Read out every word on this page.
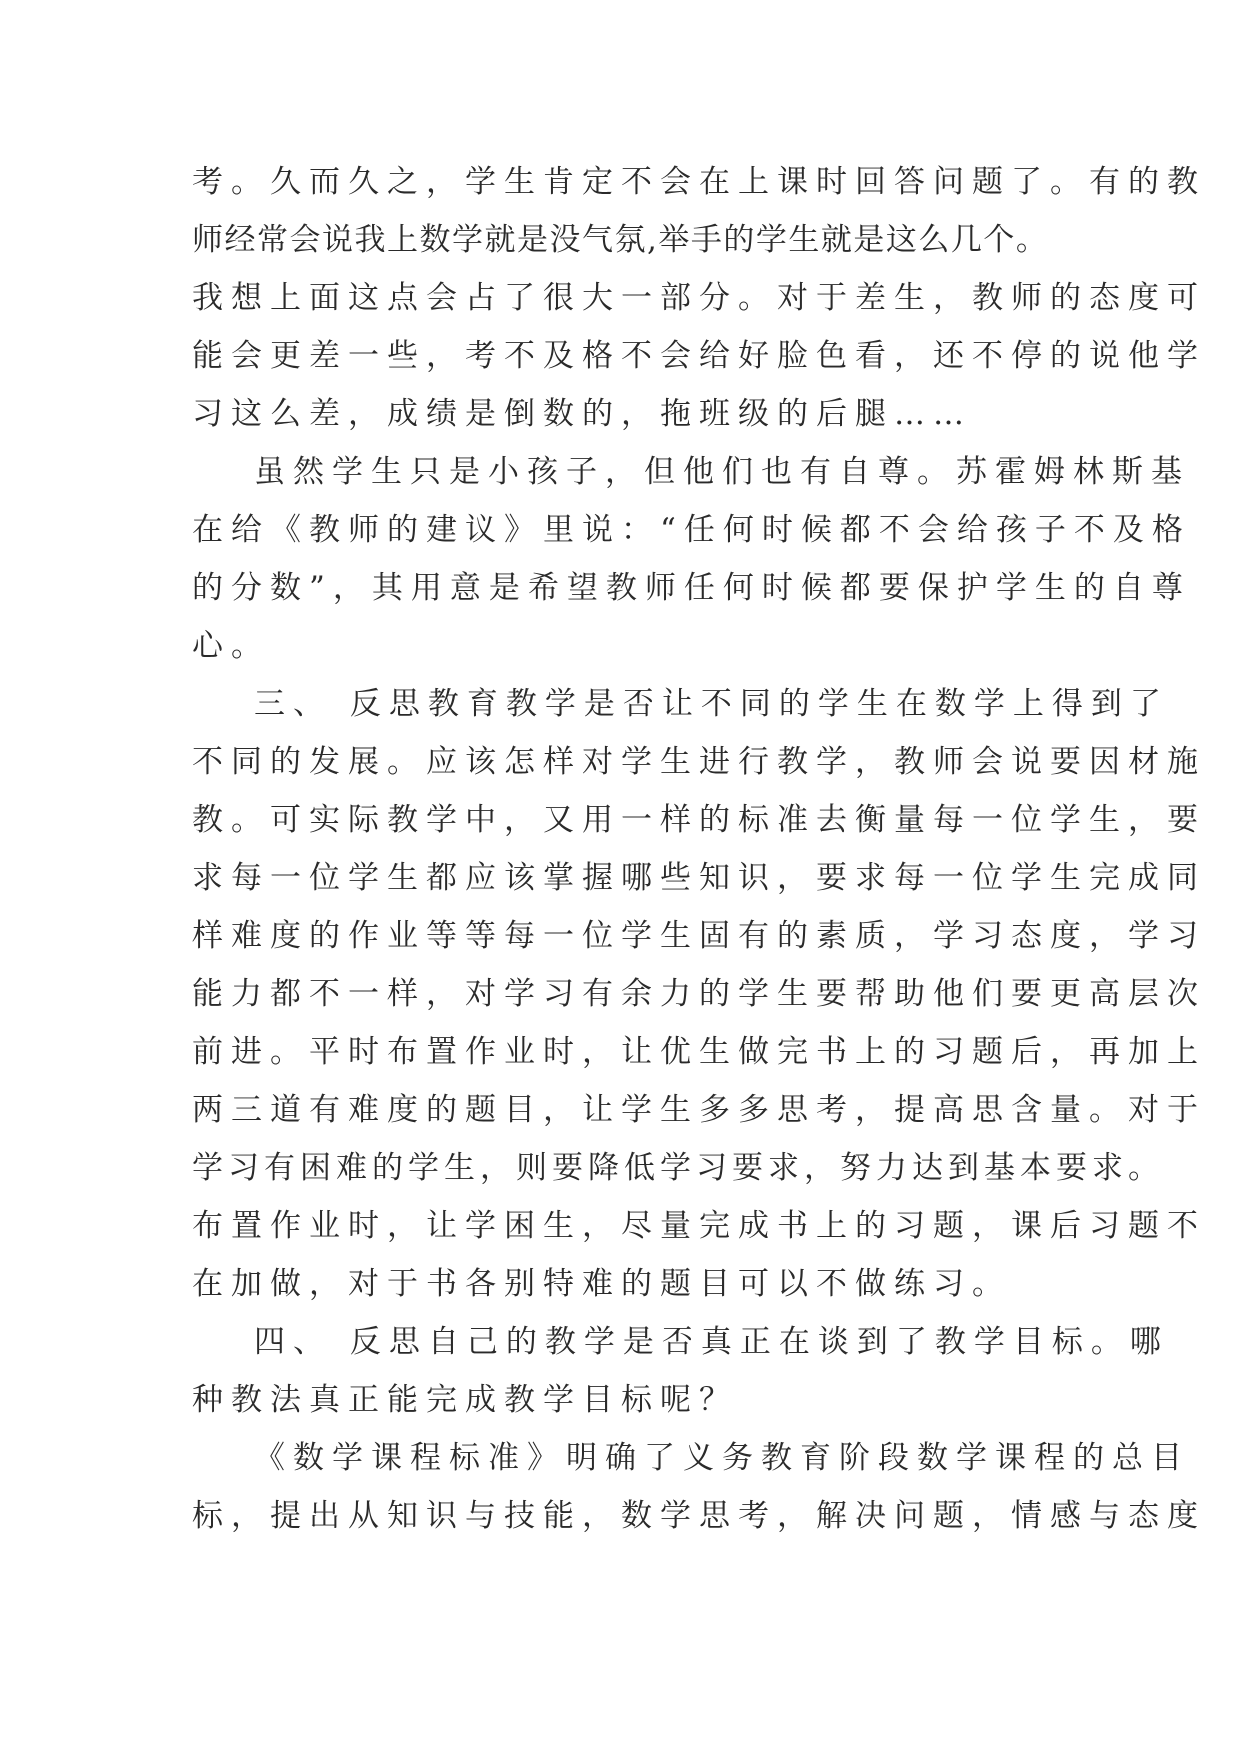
考。久而久之，学生肯定不会在上课时回答问题了。有的教
师经常会说我上数学就是没气氛,举手的学生就是这么几个。
我想上面这点会占了很大一部分。对于差生，教师的态度可
能会更差一些，考不及格不会给好脸色看，还不停的说他学
习这么差，成绩是倒数的，拖班级的后腿……
虽然学生只是小孩子，但他们也有自尊。苏霍姆林斯基
在给《教师的建议》里说：“任何时候都不会给孩子不及格
的分数”，其用意是希望教师任何时候都要保护学生的自尊
心。
三、 反思教育教学是否让不同的学生在数学上得到了
不同的发展。应该怎样对学生进行教学，教师会说要因材施
教。可实际教学中，又用一样的标准去衡量每一位学生，要
求每一位学生都应该掌握哪些知识，要求每一位学生完成同
样难度的作业等等每一位学生固有的素质，学习态度，学习
能力都不一样，对学习有余力的学生要帮助他们要更高层次
前进。平时布置作业时，让优生做完书上的习题后，再加上
两三道有难度的题目，让学生多多思考，提高思含量。对于
学习有困难的学生，则要降低学习要求，努力达到基本要求。
布置作业时，让学困生，尽量完成书上的习题，课后习题不
在加做，对于书各别特难的题目可以不做练习。
四、 反思自己的教学是否真正在谈到了教学目标。哪
种教法真正能完成教学目标呢？
《数学课程标准》明确了义务教育阶段数学课程的总目
标，提出从知识与技能，数学思考，解决问题，情感与态度
